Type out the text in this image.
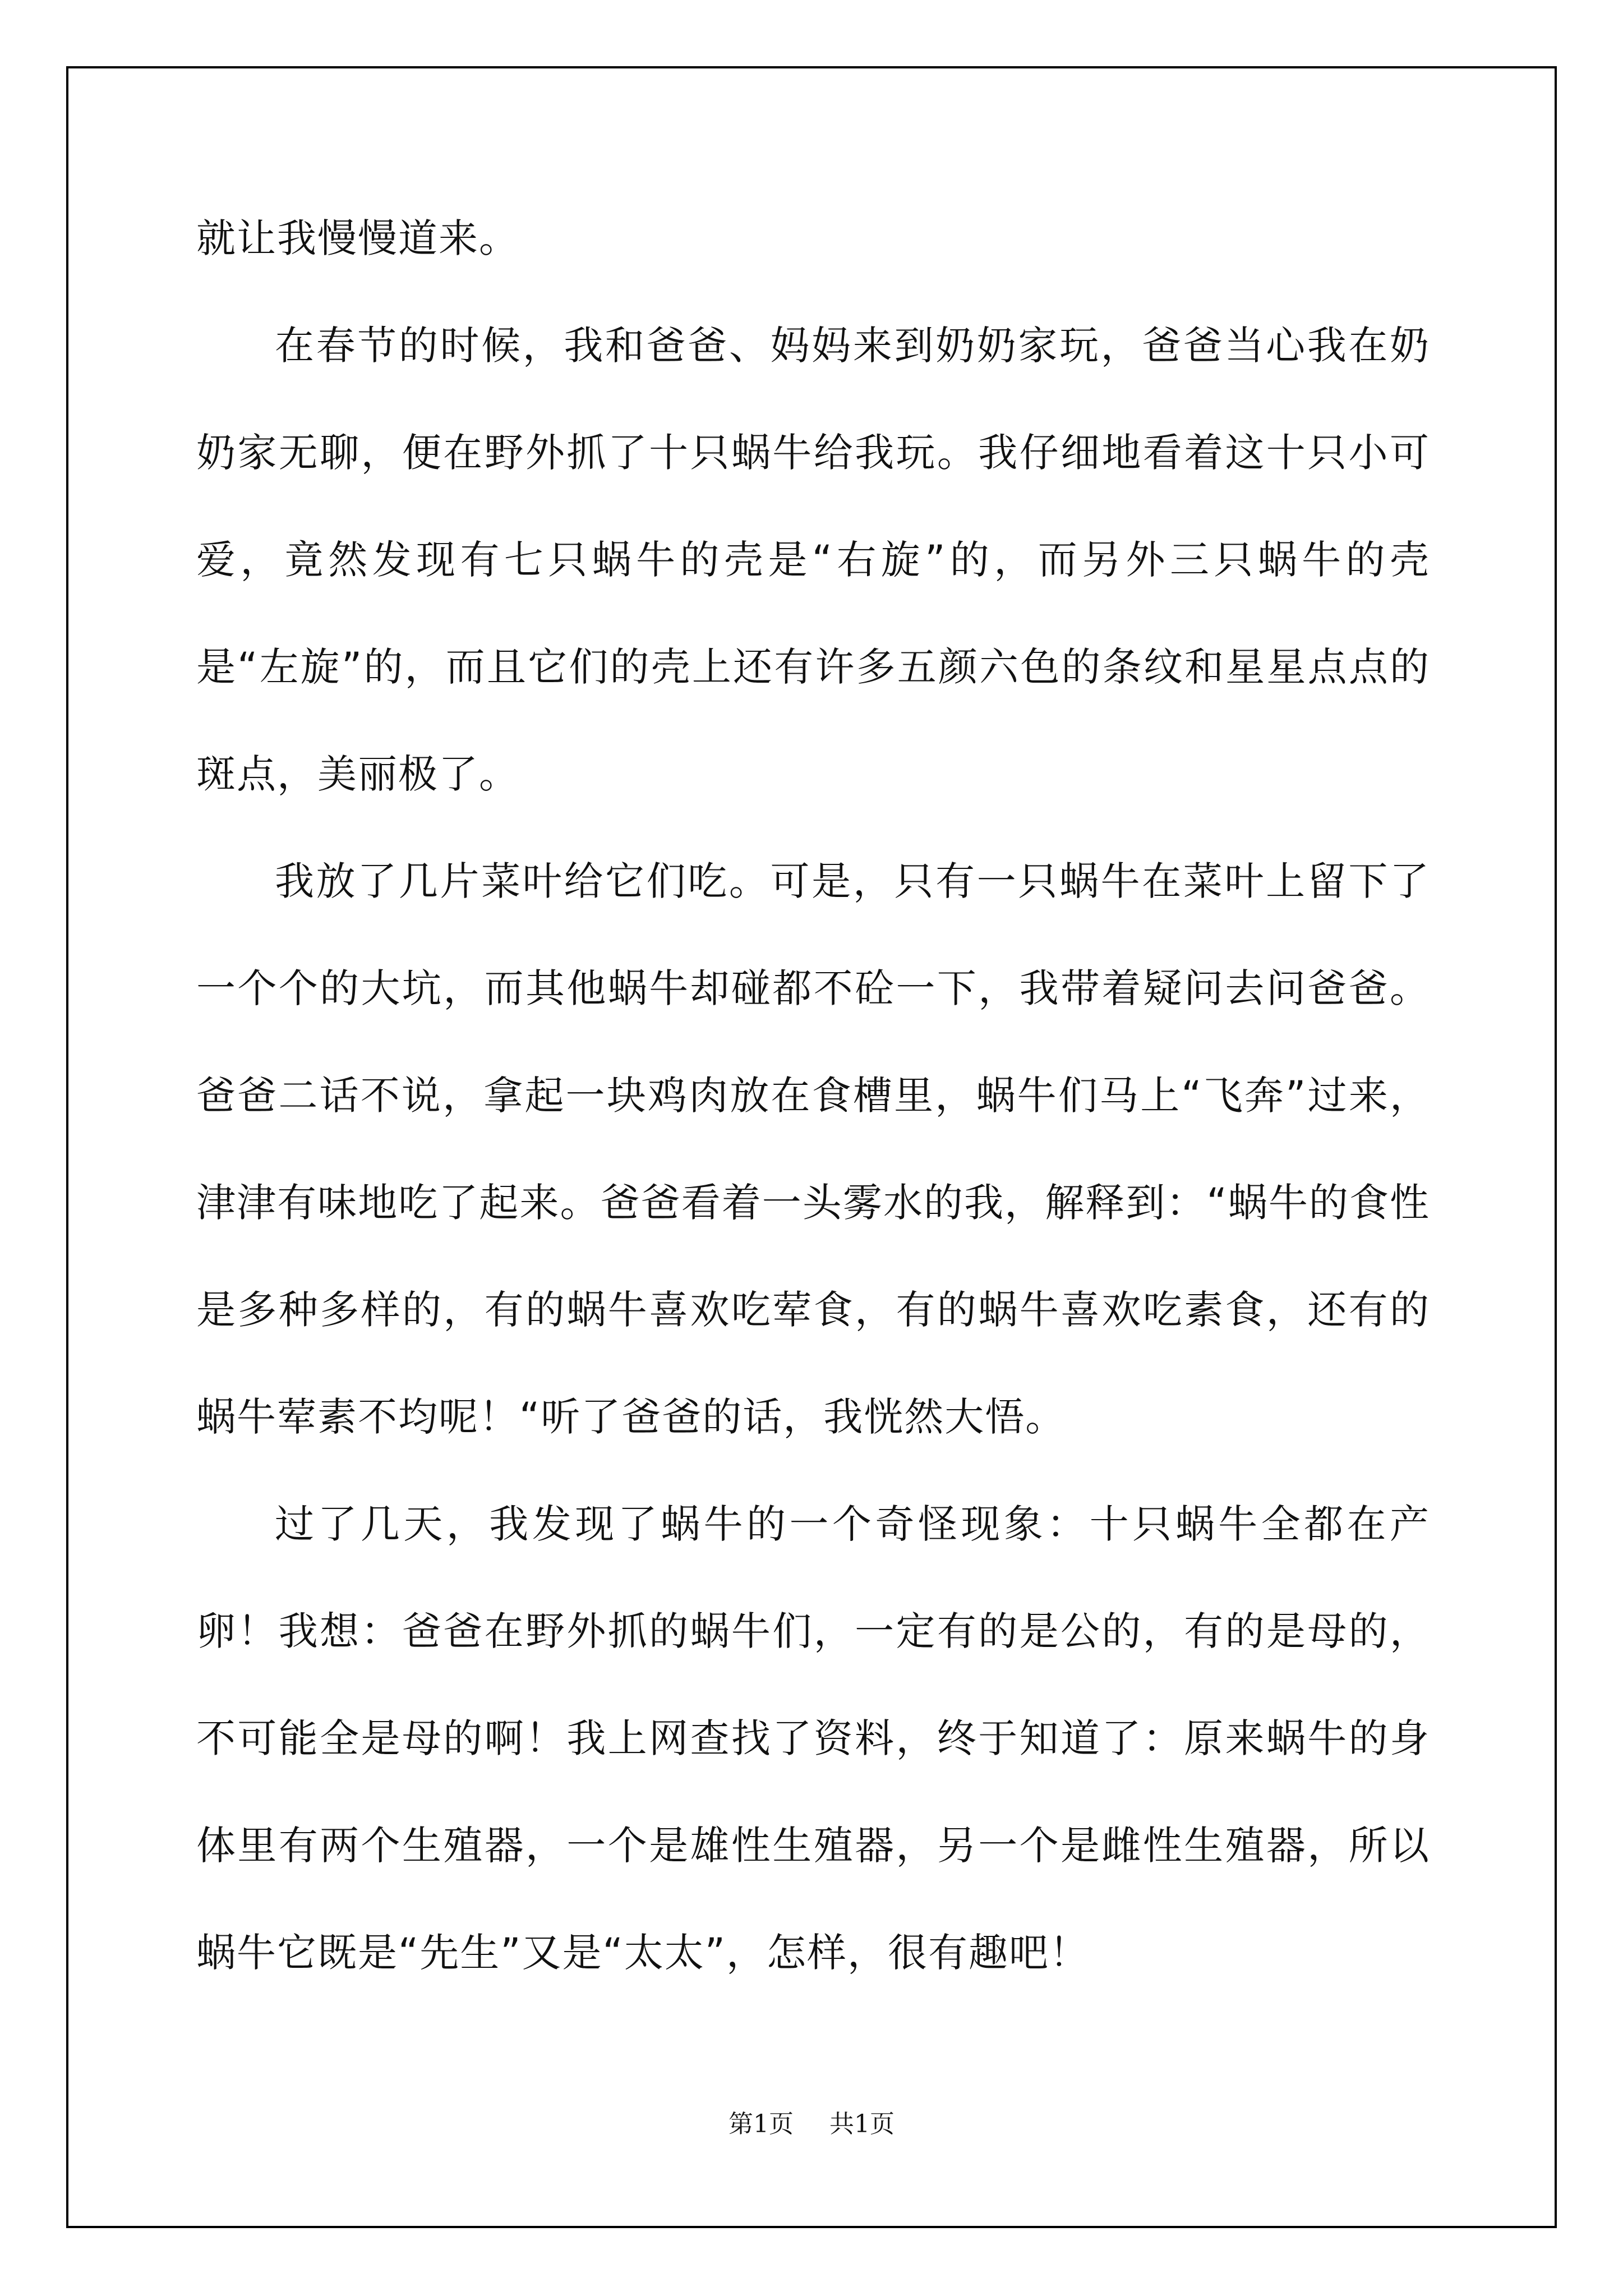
就让我慢慢道来。

在春节的时候，我和爸爸、妈妈来到奶奶家玩，爸爸当心我在奶奶家无聊，便在野外抓了十只蜗牛给我玩。我仔细地看着这十只小可爱，竟然发现有七只蜗牛的壳是“右旋”的，而另外三只蜗牛的壳是“左旋”的，而且它们的壳上还有许多五颜六色的条纹和星星点点的斑点，美丽极了。

我放了几片菜叶给它们吃。可是，只有一只蜗牛在菜叶上留下了一个个的大坑，而其他蜗牛却碰都不砼一下，我带着疑问去问爸爸。爸爸二话不说，拿起一块鸡肉放在食槽里，蜗牛们马上“飞奔”过来，津津有味地吃了起来。爸爸看着一头雾水的我，解释到：“蜗牛的食性是多种多样的，有的蜗牛喜欢吃荤食，有的蜗牛喜欢吃素食，还有的蜗牛荤素不均呢！“听了爸爸的话，我恍然大悟。

过了几天，我发现了蜗牛的一个奇怪现象：十只蜗牛全都在产卵！我想：爸爸在野外抓的蜗牛们，一定有的是公的，有的是母的，不可能全是母的啊！我上网查找了资料，终于知道了：原来蜗牛的身体里有两个生殖器，一个是雄性生殖器，另一个是雌性生殖器，所以蜗牛它既是“先生”又是“太太”，怎样，很有趣吧！

第1页 共1页
